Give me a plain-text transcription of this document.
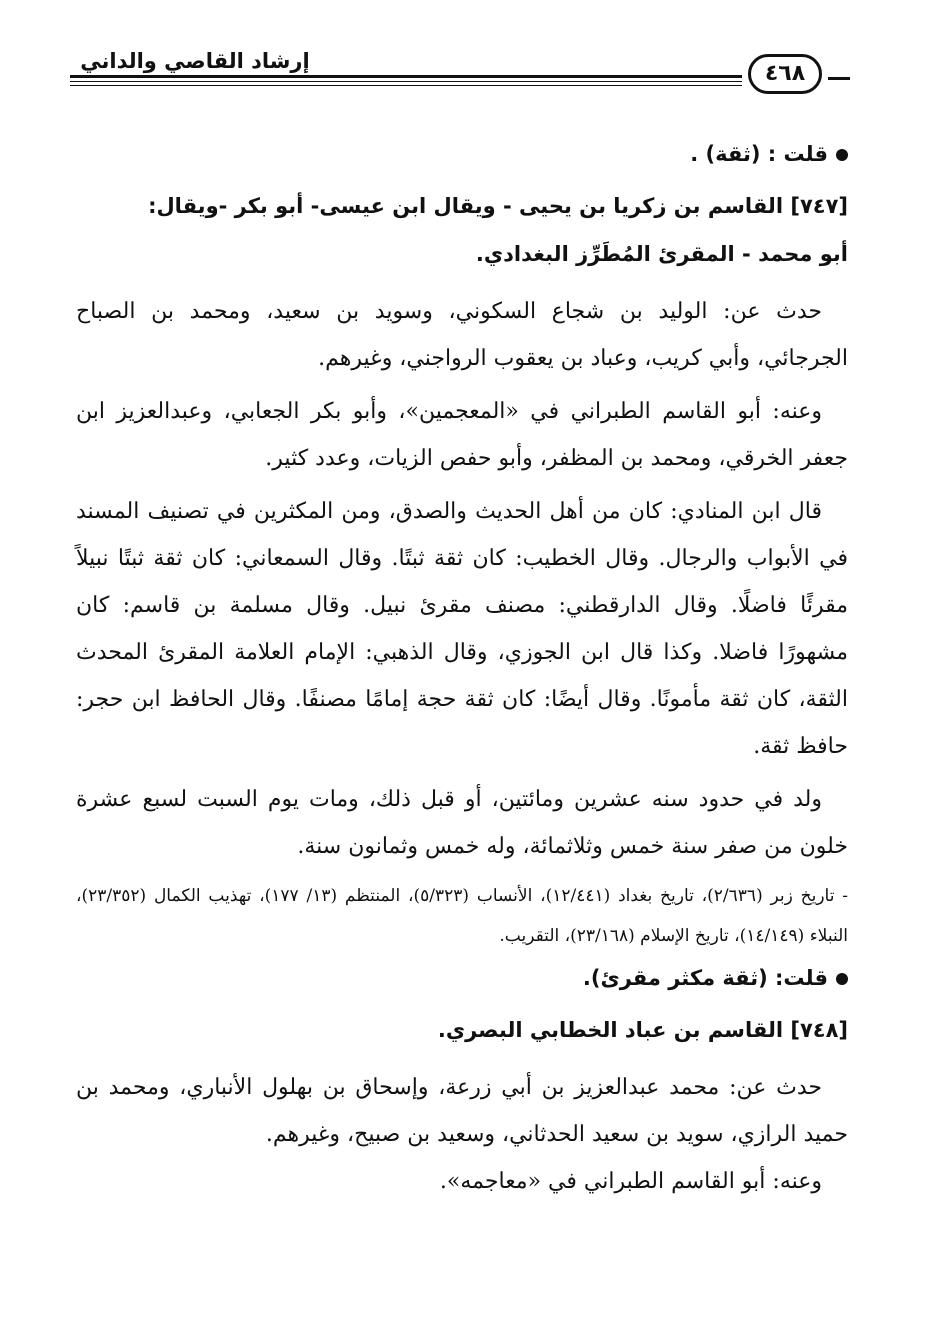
إرشاد القاصي والداني	٤٦٨

قلت : (ثقة) .

[٧٤٧] القاسم بن زكريا بن يحيى - ويقال ابن عيسى- أبو بكر -ويقال:

أبو محمد - المقرئ المُطَرِّز البغدادي.

حدث عن: الوليد بن شجاع السكوني، وسويد بن سعيد، ومحمد بن الصباح الجرجائي، وأبي كريب، وعباد بن يعقوب الرواجني، وغيرهم.

وعنه: أبو القاسم الطبراني في «المعجمين»، وأبو بكر الجعابي، وعبدالعزيز ابن جعفر الخرقي، ومحمد بن المظفر، وأبو حفص الزيات، وعدد كثير.

قال ابن المنادي: كان من أهل الحديث والصدق، ومن المكثرين في تصنيف المسند في الأبواب والرجال. وقال الخطيب: كان ثقة ثبتًا. وقال السمعاني: كان ثقة ثبتًا نبيلاً مقرئًا فاضلًا. وقال الدارقطني: مصنف مقرئ نبيل. وقال مسلمة بن قاسم: كان مشهورًا فاضلا. وكذا قال ابن الجوزي، وقال الذهبي: الإمام العلامة المقرئ المحدث الثقة، كان ثقة مأمونًا. وقال أيضًا: كان ثقة حجة إمامًا مصنفًا. وقال الحافظ ابن حجر: حافظ ثقة.

ولد في حدود سنه عشرين ومائتين، أو قبل ذلك، ومات يوم السبت لسبع عشرة خلون من صفر سنة خمس وثلاثمائة، وله خمس وثمانون سنة.

- تاريخ زبر (٢/٦٣٦)، تاريخ بغداد (١٢/٤٤١)، الأنساب (٥/٣٢٣)، المنتظم (١٣/ ١٧٧)، تهذيب الكمال (٢٣/٣٥٢)، النبلاء (١٤/١٤٩)، تاريخ الإسلام (٢٣/١٦٨)، التقريب.

قلت: (ثقة مكثر مقرئ).

[٧٤٨] القاسم بن عباد الخطابي البصري.

حدث عن: محمد عبدالعزيز بن أبي زرعة، وإسحاق بن بهلول الأنباري، ومحمد بن حميد الرازي، سويد بن سعيد الحدثاني، وسعيد بن صبيح، وغيرهم.

وعنه: أبو القاسم الطبراني في «معاجمه».
